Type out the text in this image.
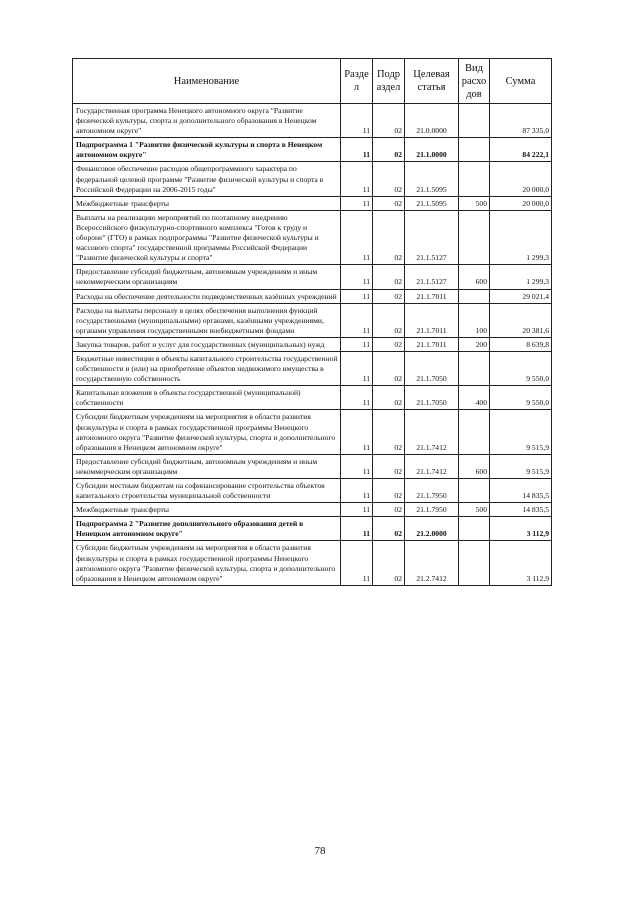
Наименование	Разде л	Подр аздел	Целевая статья	Вид расхо дов	Сумма
Государственная программа Ненецкого автономного округа "Развитие физической культуры, спорта и дополнительного образования в Ненецком автономном округе"	11	02	21.0.0000		87 335,0
Подпрограмма 1 "Развитие физической культуры и спорта в Ненецком автономном округе"	11	02	21.1.0000		84 222,1
Финансовое обеспечение расходов общепрограммного характера по федеральной целевой программе "Развитие физической культуры и спорта в Российской Федерации на 2006-2015 годы"	11	02	21.1.5095		20 000,0
Межбюджетные трансферты	11	02	21.1.5095	500	20 000,0
Выплаты на реализацию мероприятий по поэтапному внедрению Всероссийского физкультурно-спортивного комплекса "Готов к труду и обороне" (ГТО) в рамках подпрограммы "Развитие физической культуры и массового спорта" государственной программы Российской Федерации "Развитие физической культуры и спорта"	11	02	21.1.5127		1 299,3
Предоставление субсидий бюджетным, автономным учреждениям и иным некоммерческим организациям	11	02	21.1.5127	600	1 299,3
Расходы на обеспечение деятельности подведомственных казённых учреждений	11	02	21.1.7011		29 021,4
Расходы на выплаты персоналу в целях обеспечения выполнения функций государственными (муниципальными) органами, казёнными учреждениями, органами управления государственными внебюджетными фондами	11	02	21.1.7011	100	20 381,6
Закупка товаров, работ и услуг для государственных (муниципальных) нужд	11	02	21.1.7011	200	8 639,8
Бюджетные инвестиции в объекты капитального строительства государственной собственности и (или) на приобретение объектов недвижимого имущества в государственную собственность	11	02	21.1.7050		9 550,0
Капитальные вложения в объекты государственной (муниципальной) собственности	11	02	21.1.7050	400	9 550,0
Субсидии бюджетным учреждениям на мероприятия в области развития физкультуры и спорта в рамках государственной программы Ненецкого автономного округа "Развитие физической культуры, спорта и дополнительного образования в Ненецком автономном округе"	11	02	21.1.7412		9 515,9
Предоставление субсидий бюджетным, автономным учреждениям и иным некоммерческим организациям	11	02	21.1.7412	600	9 515,9
Субсидии местным бюджетам на софинансирование строительства объектов капитального строительства муниципальной собственности	11	02	21.1.7950		14 835,5
Межбюджетные трансферты	11	02	21.1.7950	500	14 835,5
Подпрограмма 2 "Развитие дополнительного образования детей в Ненецком автономном округе"	11	02	21.2.0000		3 112,9
Субсидии бюджетным учреждениям на мероприятия в области развития физкультуры и спорта в рамках государственной программы Ненецкого автономного округа "Развитие физической культуры, спорта и дополнительного образования в Ненецком автономном округе"	11	02	21.2.7412		3 112,9
78
